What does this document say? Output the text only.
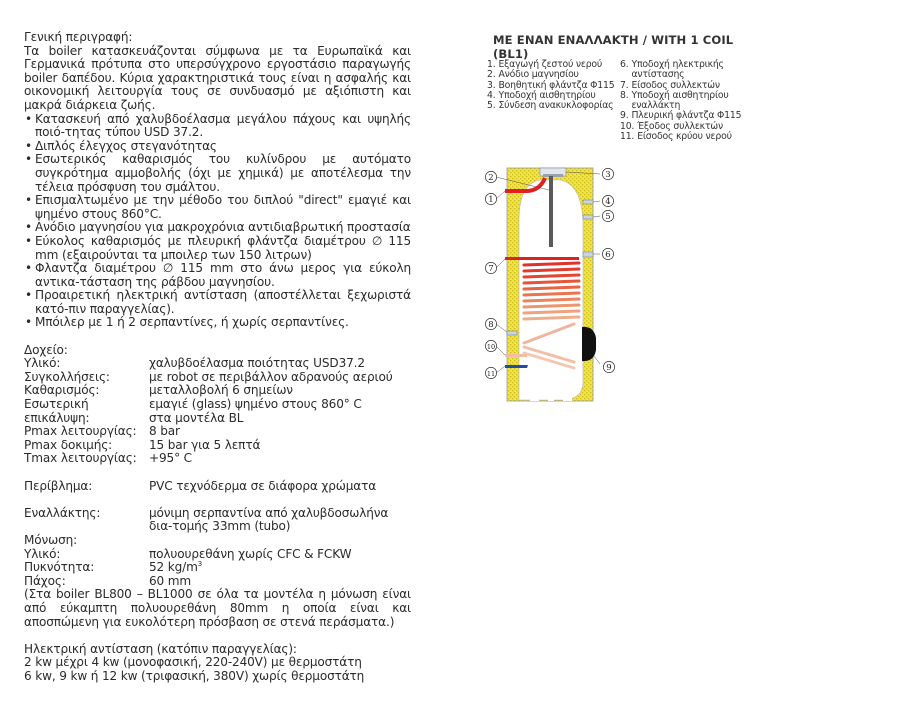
Γενική περιγραφή:

Τα boiler κατασκευάζονται σύμφωνα με τα Ευρωπαϊκά και Γερμανικά πρότυπα στο υπερσύγχρονο εργοστάσιο παραγωγής boiler δαπέδου. Κύρια χαρακτηριστικά τους είναι η ασφαλής και οικονομική λειτουργία τους σε συνδυασμό με αξιόπιστη και μακρά διάρκεια ζωής.

• Κατασκευή από χαλυβδοέλασμα μεγάλου πάχους και υψηλής ποιό-τητας τύπου USD 37.2.
• Διπλός έλεγχος στεγανότητας
• Εσωτερικός καθαρισμός του κυλίνδρου με αυτόματο συγκρότημα αμμοβολής (όχι με χημικά) με αποτέλεσμα την τέλεια πρόσφυση του σμάλτου.
• Επισμαλτωμένο με την μέθοδο του διπλού "direct" εμαγιέ και ψημένο στους 860°C.
• Ανόδιο μαγνησίου για μακροχρόνια αντιδιαβρωτική προστασία
• Εύκολος καθαρισμός με πλευρική φλάντζα διαμέτρου ∅ 115 mm (εξαιρούνται τα μποιλερ των 150 λιτρων)
• Φλαντζα διαμέτρου ∅ 115 mm στο άνω μερος για εύκολη αντικα-τάσταση της ράβδου μαγνησίου.
• Προαιρετική ηλεκτρική αντίσταση (αποστέλλεται ξεχωριστά κατό-πιν παραγγελίας).
• Μπόιλερ με 1 ή 2 σερπαντίνες, ή χωρίς σερπαντίνες.

Δοχείο:

Υλικό:	χαλυβδοέλασμα ποιότητας USD37.2
Συγκολλήσεις:	με robot σε περιβάλλον αδρανούς αεριού
Καθαρισμός:	μεταλλοβολή 6 σημείων
Εσωτερική	εμαγιέ (glass) ψημένο στους 860° C
επικάλυψη:	στα μοντέλα BL
Pmax λειτουργίας:	8 bar
Pmax δοκιμής:	15 bar για 5 λεπτά
Tmax λειτουργίας:	+95° C
Περίβλημα:	PVC τεχνόδερμα σε διάφορα χρώματα
Εναλλάκτης:	μόνιμη σερπαντίνα από χαλυβδοσωλήνα δια-τομής 33mm (tubo)

Μόνωση:

Υλικό:	πολυουρεθάνη χωρίς CFC & FCKW
Πυκνότητα:	52 $kg/m^3$
Πάχος:	60 mm

(Στα boiler BL800 – BL1000 σε όλα τα μοντέλα η μόνωση είναι από εύκαμπτη πολυουρεθάνη 80mm η οποία είναι και αποσπώμενη για ευκολότερη πρόσβαση σε στενά περάσματα.)

Ηλεκτρική αντίσταση (κατόπιν παραγγελίας):

2 kw μέχρι 4 kw (μονοφασική, 220-240V) με θερμοστάτη

6 kw, 9 kw ή 12 kw (τριφασική, 380V) χωρίς θερμοστάτη

ΜΕ ΕΝΑΝ ΕΝΑΛΛΑΚΤΗ / WITH 1 COIL (BL1)
1. Εξαγωγή ζεστού νερού
2. Ανόδιο μαγνησίου
3. Βοηθητική φλάντζα Φ115
4. Υποδοχή αισθητηρίου
5. Σύνδεση ανακυκλοφορίας
6. Υποδοχή ηλεκτρικής αντίστασης
7. Είσοδος συλλεκτών
8. Υποδοχή αισθητηρίου εναλλάκτη
9. Πλευρική φλάντζα Φ115
10. Έξοδος συλλεκτών
11. Είσοδος κρύου νερού
2
1
3
4
5
6
7
8
10
11
9
